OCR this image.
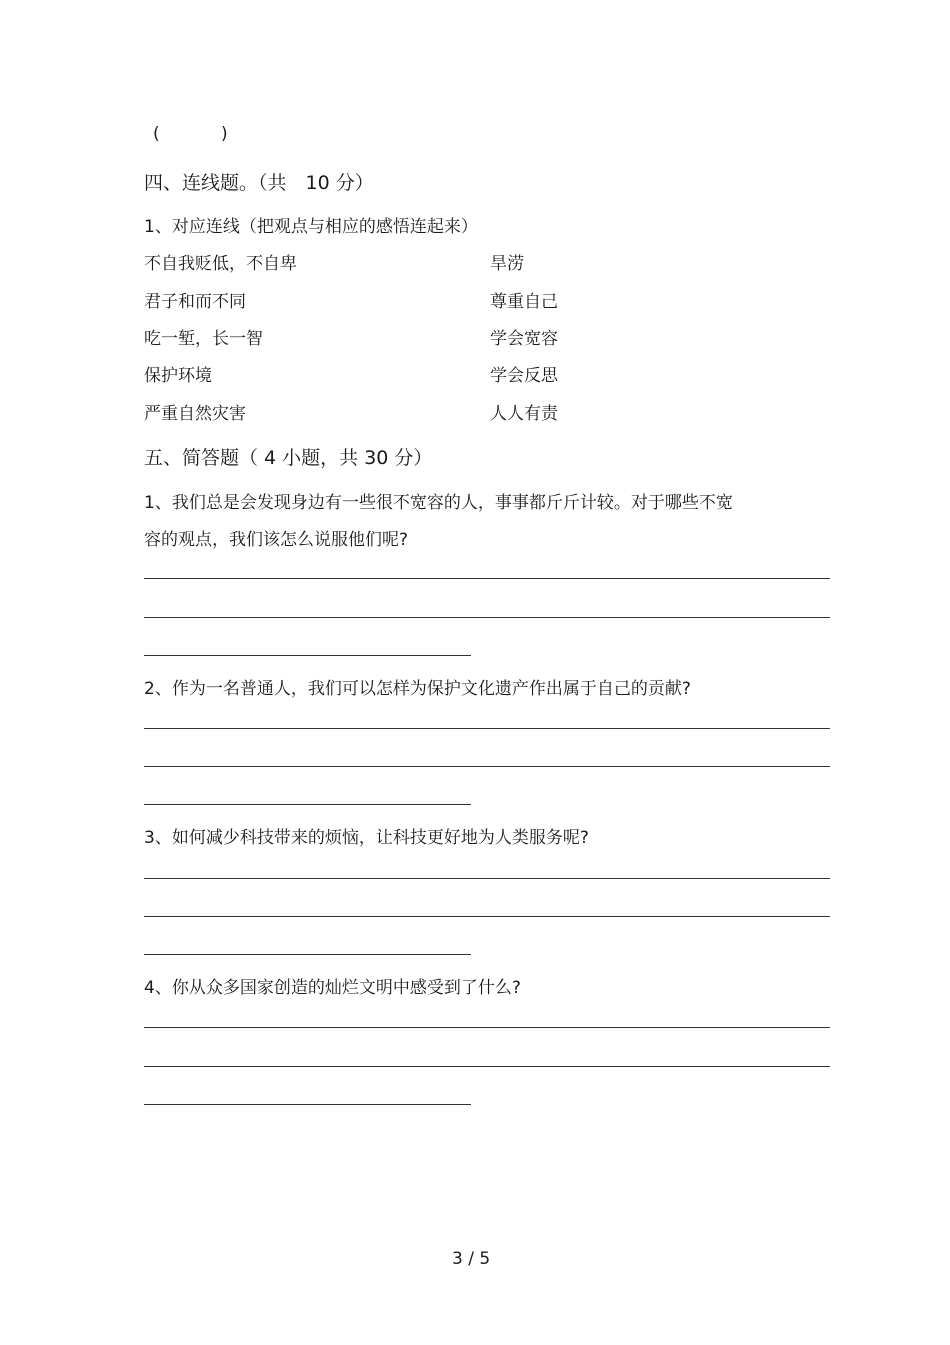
(	)
四、连线题。（共　10 分）
1、对应连线（把观点与相应的感悟连起来）
不自我贬低，不自卑	旱涝
君子和而不同	尊重自己
吃一堑，长一智	学会宽容
保护环境	学会反思
严重自然灾害	人人有责
五、简答题（ 4 小题，共 30 分）
1、我们总是会发现身边有一些很不宽容的人，事事都斤斤计较。对于哪些不宽
容的观点，我们该怎么说服他们呢?
2、作为一名普通人，我们可以怎样为保护文化遗产作出属于自己的贡献?
3、如何减少科技带来的烦恼，让科技更好地为人类服务呢?
4、你从众多国家创造的灿烂文明中感受到了什么?
3 / 5
